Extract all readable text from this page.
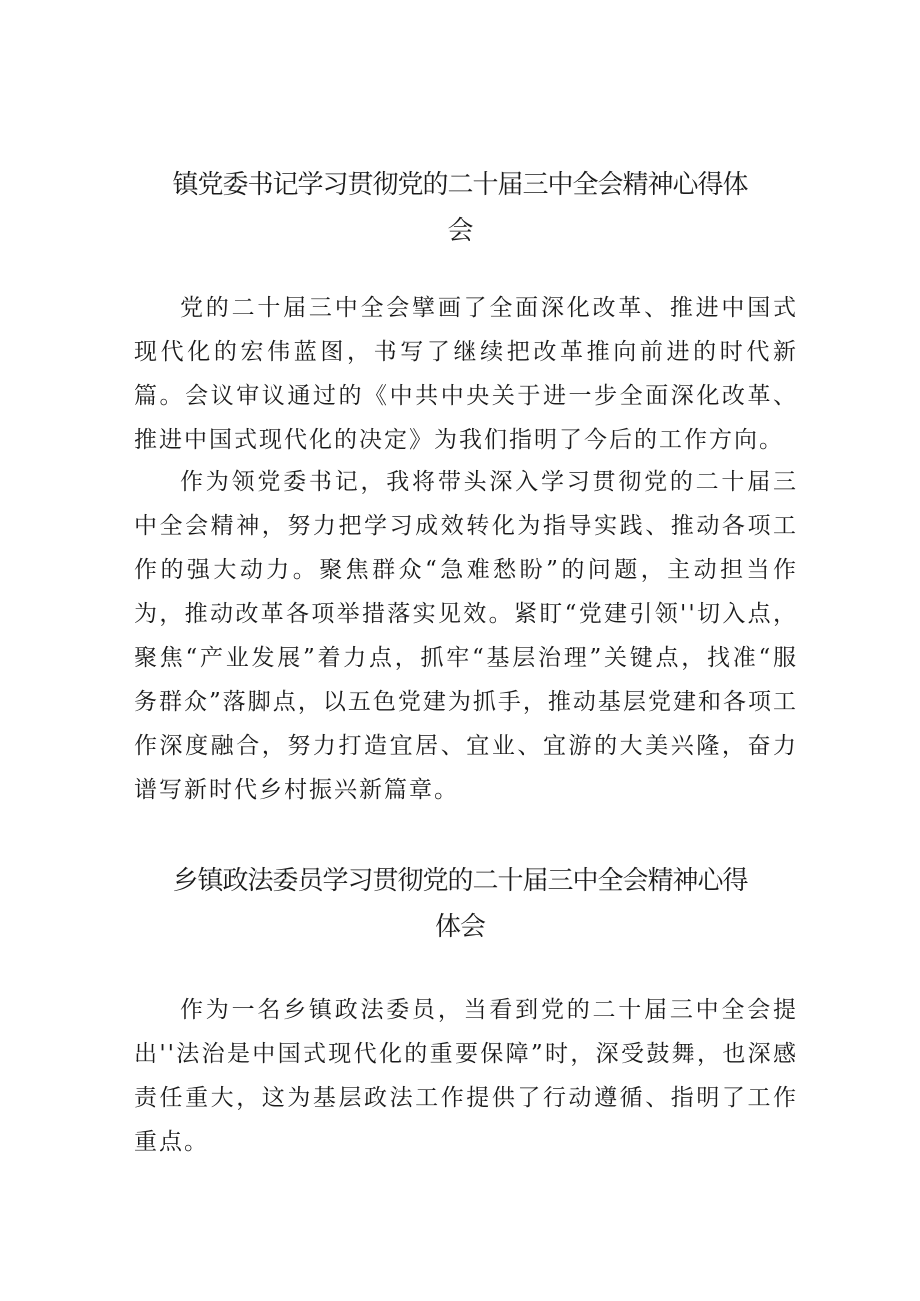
镇党委书记学习贯彻党的二十届三中全会精神心得体
会

党的二十届三中全会擘画了全面深化改革、推进中国式现代化的宏伟蓝图，书写了继续把改革推向前进的时代新篇。会议审议通过的《中共中央关于进一步全面深化改革、推进中国式现代化的决定》为我们指明了今后的工作方向。

作为领党委书记，我将带头深入学习贯彻党的二十届三中全会精神，努力把学习成效转化为指导实践、推动各项工作的强大动力。聚焦群众“急难愁盼”的问题，主动担当作为，推动改革各项举措落实见效。紧盯“党建引领''切入点，聚焦“产业发展”着力点，抓牢“基层治理”关键点，找准“服务群众”落脚点，以五色党建为抓手，推动基层党建和各项工作深度融合，努力打造宜居、宜业、宜游的大美兴隆，奋力谱写新时代乡村振兴新篇章。

乡镇政法委员学习贯彻党的二十届三中全会精神心得
体会

作为一名乡镇政法委员，当看到党的二十届三中全会提出''法治是中国式现代化的重要保障”时，深受鼓舞，也深感责任重大，这为基层政法工作提供了行动遵循、指明了工作重点。
